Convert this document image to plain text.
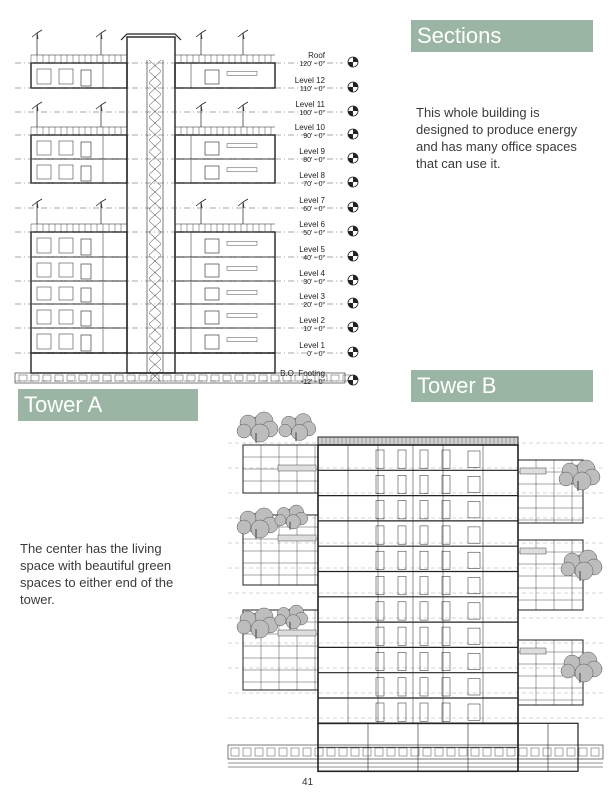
Sections
Tower A
Tower B
This whole building is designed to produce energy and has many office spaces that can use it.
The center has the living space with beautiful green spaces to either end of the tower.
Roof
120' - 0"
Level 12
110' - 0"
Level 11
100' - 0"
Level 10
90' - 0"
Level 9
80' - 0"
Level 8
70' - 0"
Level 7
60' - 0"
Level 6
50' - 0"
Level 5
40' - 0"
Level 4
30' - 0"
Level 3
20' - 0"
Level 2
10' - 0"
Level 1
0' - 0"
B.O. Footing
-12' - 0"
41
